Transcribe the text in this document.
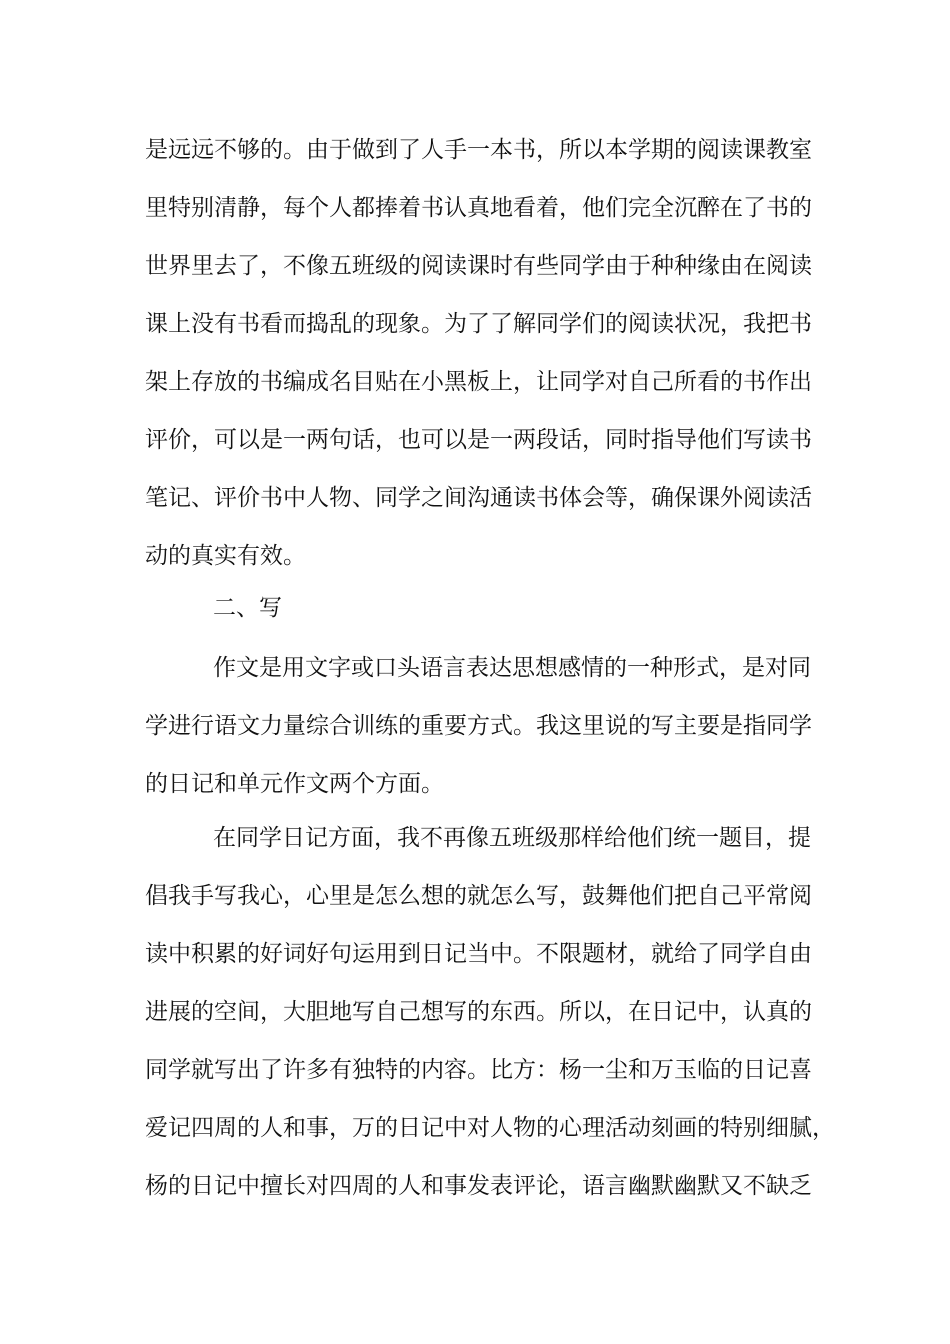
是远远不够的。由于做到了人手一本书，所以本学期的阅读课教室
里特别清静，每个人都捧着书认真地看着，他们完全沉醉在了书的
世界里去了，不像五班级的阅读课时有些同学由于种种缘由在阅读
课上没有书看而捣乱的现象。为了了解同学们的阅读状况，我把书
架上存放的书编成名目贴在小黑板上，让同学对自己所看的书作出
评价，可以是一两句话，也可以是一两段话，同时指导他们写读书
笔记、评价书中人物、同学之间沟通读书体会等，确保课外阅读活
动的真实有效。
二、写
作文是用文字或口头语言表达思想感情的一种形式，是对同
学进行语文力量综合训练的重要方式。我这里说的写主要是指同学
的日记和单元作文两个方面。
在同学日记方面，我不再像五班级那样给他们统一题目，提
倡我手写我心，心里是怎么想的就怎么写，鼓舞他们把自己平常阅
读中积累的好词好句运用到日记当中。不限题材，就给了同学自由
进展的空间，大胆地写自己想写的东西。所以，在日记中，认真的
同学就写出了许多有独特的内容。比方：杨一尘和万玉临的日记喜
爱记四周的人和事，万的日记中对人物的心理活动刻画的特别细腻，
杨的日记中擅长对四周的人和事发表评论，语言幽默幽默又不缺乏
